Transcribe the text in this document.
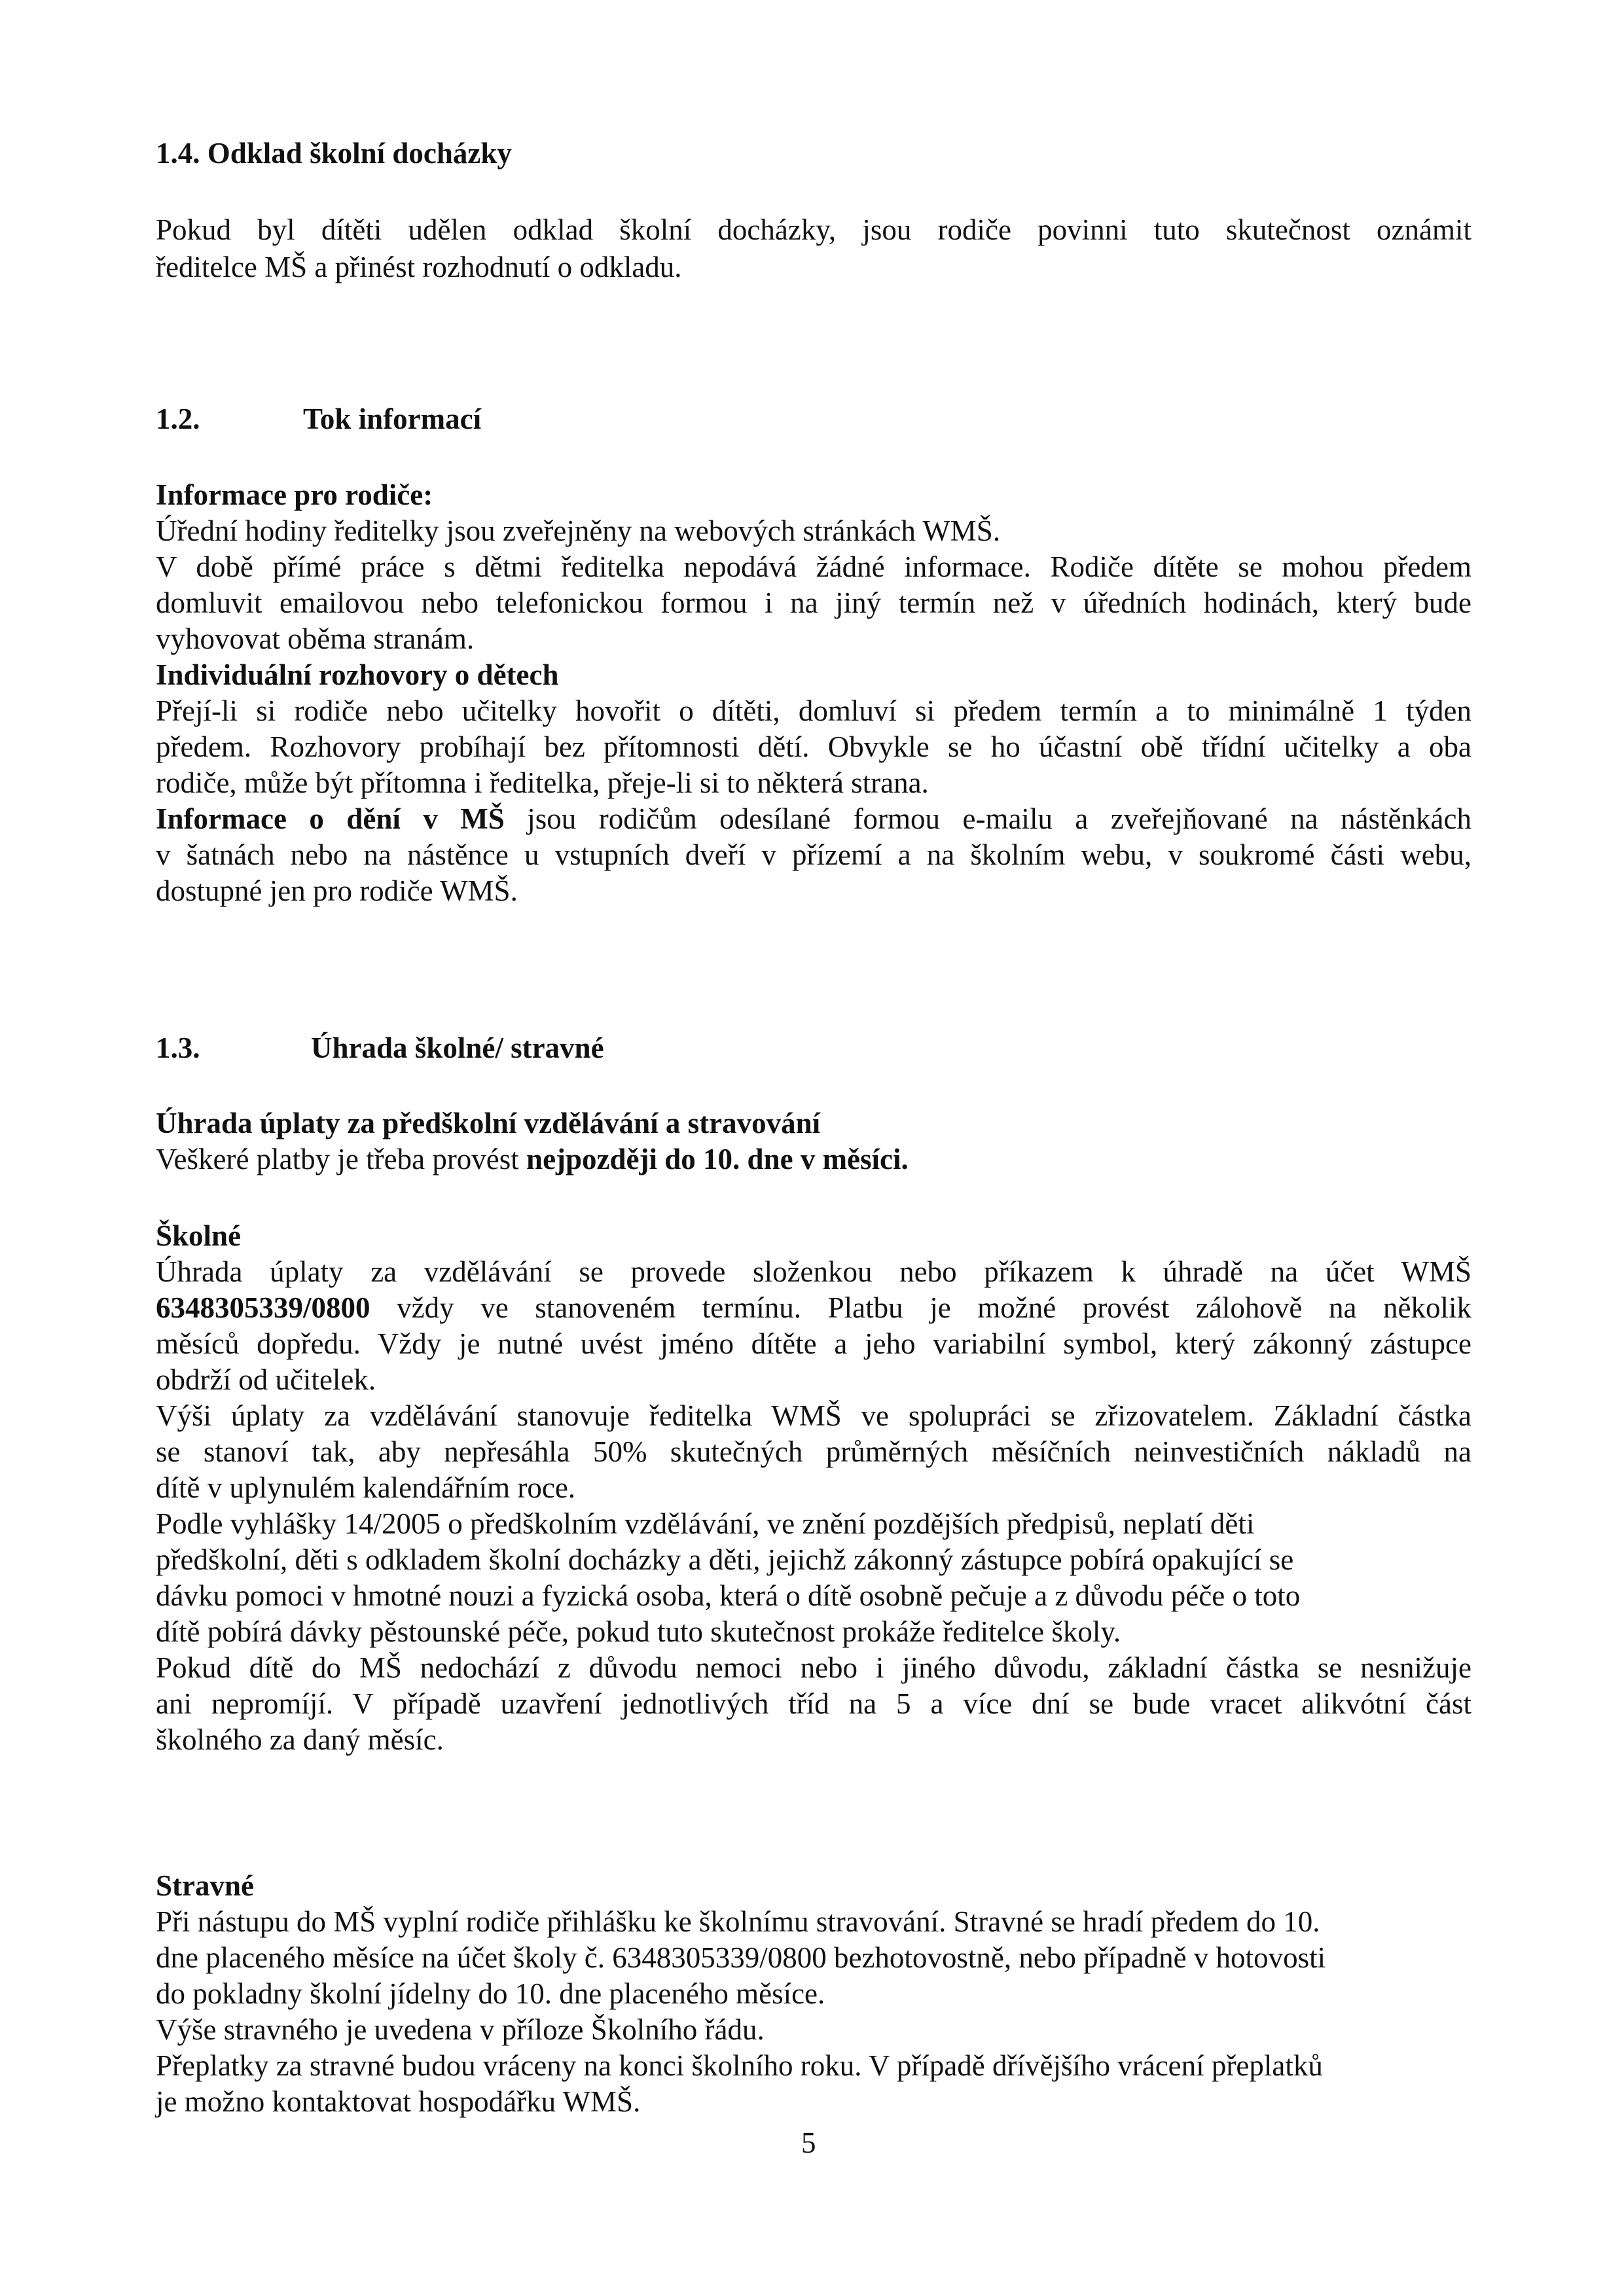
1.4. Odklad školní docházky
Pokud byl dítěti udělen odklad školní docházky, jsou rodiče povinni tuto skutečnost oznámit
ředitelce MŠ a přinést rozhodnutí o odkladu.
1.2.	Tok informací
Informace pro rodiče:
Úřední hodiny ředitelky jsou zveřejněny na webových stránkách WMŠ.
V době přímé práce s dětmi ředitelka nepodává žádné informace. Rodiče dítěte se mohou předem
domluvit emailovou nebo telefonickou formou i na jiný termín než v úředních hodinách, který bude
vyhovovat oběma stranám.
Individuální rozhovory o dětech
Přejí-li si rodiče nebo učitelky hovořit o dítěti, domluví si předem termín a to minimálně 1 týden
předem. Rozhovory probíhají bez přítomnosti dětí. Obvykle se ho účastní obě třídní učitelky a oba
rodiče, může být přítomna i ředitelka, přeje-li si to některá strana.
Informace o dění v MŠ jsou rodičům odesílané formou e-mailu a zveřejňované na nástěnkách
v šatnách nebo na nástěnce u vstupních dveří v přízemí a na školním webu, v soukromé části webu,
dostupné jen pro rodiče WMŠ.
1.3.	Úhrada školné/ stravné
Úhrada úplaty za předškolní vzdělávání a stravování
Veškeré platby je třeba provést nejpozději do 10. dne v měsíci.
Školné
Úhrada úplaty za vzdělávání se provede složenkou nebo příkazem k úhradě na účet WMŠ
6348305339/0800 vždy ve stanoveném termínu. Platbu je možné provést zálohově na několik
měsíců dopředu. Vždy je nutné uvést jméno dítěte a jeho variabilní symbol, který zákonný zástupce
obdrží od učitelek.
Výši úplaty za vzdělávání stanovuje ředitelka WMŠ ve spolupráci se zřizovatelem. Základní částka
se stanoví tak, aby nepřesáhla 50% skutečných průměrných měsíčních neinvestičních nákladů na
dítě v uplynulém kalendářním roce.
Podle vyhlášky 14/2005 o předškolním vzdělávání, ve znění pozdějších předpisů, neplatí děti
předškolní, děti s odkladem školní docházky a děti, jejichž zákonný zástupce pobírá opakující se
dávku pomoci v hmotné nouzi a fyzická osoba, která o dítě osobně pečuje a z důvodu péče o toto
dítě pobírá dávky pěstounské péče, pokud tuto skutečnost prokáže ředitelce školy.
Pokud dítě do MŠ nedochází z důvodu nemoci nebo i jiného důvodu, základní částka se nesnižuje
ani nepromíjí. V případě uzavření jednotlivých tříd na 5 a více dní se bude vracet alikvótní část
školného za daný měsíc.
Stravné
Při nástupu do MŠ vyplní rodiče přihlášku ke školnímu stravování. Stravné se hradí předem do 10.
dne placeného měsíce na účet školy č. 6348305339/0800 bezhotovostně, nebo případně v hotovosti
do pokladny školní jídelny do 10. dne placeného měsíce.
Výše stravného je uvedena v příloze Školního řádu.
Přeplatky za stravné budou vráceny na konci školního roku. V případě dřívějšího vrácení přeplatků
je možno kontaktovat hospodářku WMŠ.
5
